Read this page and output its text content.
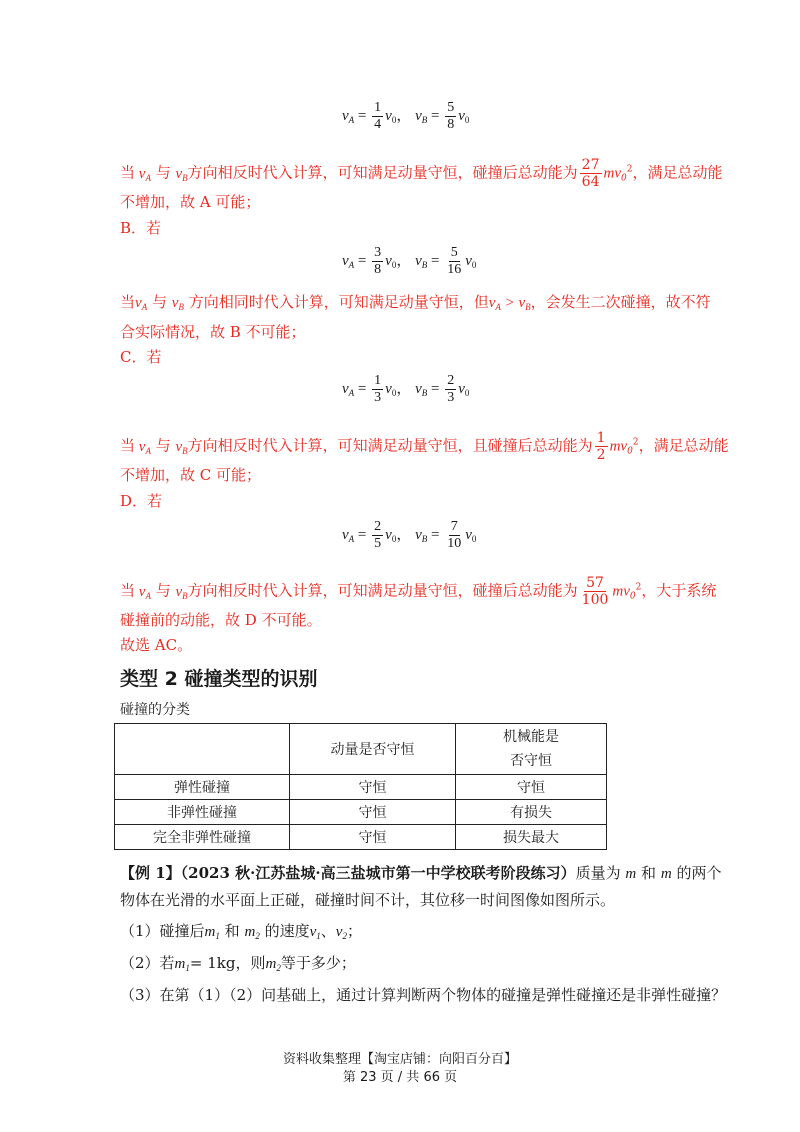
$v_A = \frac{1}{4} v_0$， $v_B = \frac{5}{8} v_0$
当 $v_A$ 与 $v_B$方向相反时代入计算，可知满足动量守恒，碰撞后总动能为 $\frac{27}{64} mv_0^2$，满足总动能
不增加，故 A 可能；
B．若
$v_A = \frac{3}{8} v_0$， $v_B = \frac{5}{16} v_0$
当$v_A$ 与 $v_B$ 方向相同时代入计算，可知满足动量守恒，但$v_A > v_B$，会发生二次碰撞，故不符
合实际情况，故 B 不可能；
C．若
$v_A = \frac{1}{3} v_0$， $v_B = \frac{2}{3} v_0$
当 $v_A$ 与 $v_B$方向相反时代入计算，可知满足动量守恒，且碰撞后总动能为 $\frac{1}{2} mv_0^2$，满足总动能
不增加，故 C 可能；
D．若
$v_A = \frac{2}{5} v_0$， $v_B = \frac{7}{10} v_0$
当 $v_A$ 与 $v_B$方向相反时代入计算，可知满足动量守恒，碰撞后总动能为 $\frac{57}{100} mv_0^2$，大于系统
碰撞前的动能，故 D 不可能。
故选 AC。
类型 2 碰撞类型的识别
碰撞的分类
	动量是否守恒	机械能是
否守恒

弹性碰撞	守恒	守恒
非弹性碰撞	守恒	有损失
完全非弹性碰撞	守恒	损失最大
【例 1】（2023 秋·江苏盐城·高三盐城市第一中学校联考阶段练习）质量为 m 和 m 的两个
物体在光滑的水平面上正碰，碰撞时间不计，其位移一时间图像如图所示。
（1）碰撞后$m_1$ 和 $m_2$ 的速度$v_1$、$v_2$；
（2）若$m_1= 1kg$，则$m_2$等于多少；
（3）在第（1）（2）问基础上，通过计算判断两个物体的碰撞是弹性碰撞还是非弹性碰撞？
资料收集整理【淘宝店铺：向阳百分百】
第 23 页 / 共 66 页
